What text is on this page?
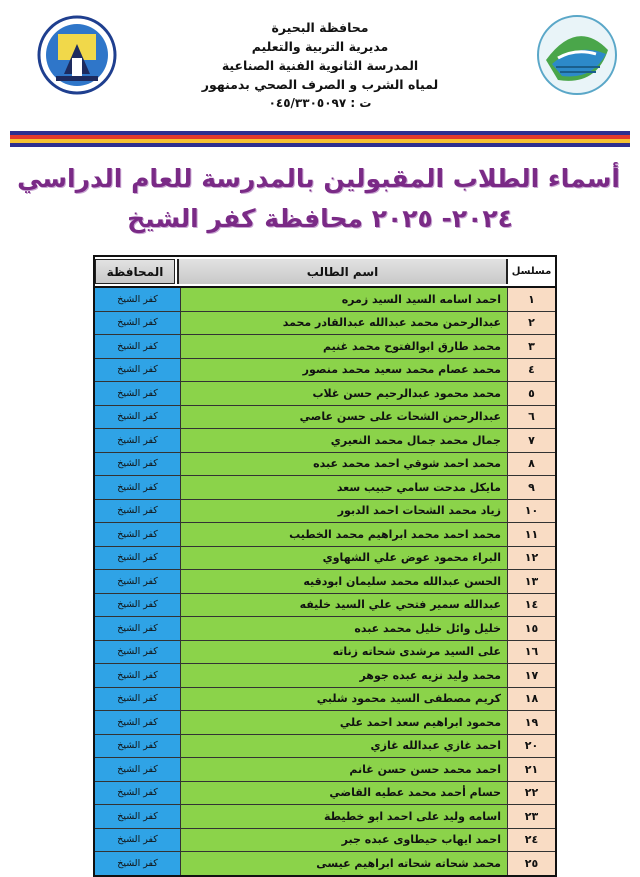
محافظة البحيرة
مديرية التربية والتعليم
المدرسة الثانوية الفنية الصناعية
لمياه الشرب و الصرف الصحي بدمنهور
ت : ٠٤٥/٣٣٠٥٠٩٧
أسماء الطلاب المقبولين بالمدرسة للعام الدراسي
٢٠٢٤- ٢٠٢٥ محافظة كفر الشيخ
مسلسل
اسم الطالب
المحافظة
١
احمد اسامه السيد السيد زمره
كفر الشيخ
٢
عبدالرحمن محمد عبدالله عبدالقادر محمد
كفر الشيخ
٣
محمد طارق ابوالفتوح محمد غنيم
كفر الشيخ
٤
محمد عصام محمد سعيد محمد منصور
كفر الشيخ
٥
محمد محمود عبدالرحيم حسن غلاب
كفر الشيخ
٦
عبدالرحمن الشحات على حسن عاصي
كفر الشيخ
٧
جمال محمد جمال محمد النعيري
كفر الشيخ
٨
محمد احمد شوقي احمد محمد عبده
كفر الشيخ
٩
مايكل مدحت سامي حبيب سعد
كفر الشيخ
١٠
زياد محمد الشحات احمد الدبور
كفر الشيخ
١١
محمد احمد محمد ابراهيم محمد الخطيب
كفر الشيخ
١٢
البراء محمود عوض علي الشهاوي
كفر الشيخ
١٣
الحسن عبدالله محمد سليمان ابودقيه
كفر الشيخ
١٤
عبدالله سمير فتحي علي السيد خليفه
كفر الشيخ
١٥
خليل وائل خليل محمد عبده
كفر الشيخ
١٦
على السيد مرشدى شحاته زناته
كفر الشيخ
١٧
محمد وليد نزيه عبده جوهر
كفر الشيخ
١٨
كريم مصطفى السيد محمود شلبي
كفر الشيخ
١٩
محمود ابراهيم سعد احمد علي
كفر الشيخ
٢٠
احمد غازي عبدالله غازي
كفر الشيخ
٢١
احمد محمد حسن حسن غانم
كفر الشيخ
٢٢
حسام أحمد محمد عطيه القاضي
كفر الشيخ
٢٣
اسامه وليد على احمد ابو خطيطة
كفر الشيخ
٢٤
احمد ايهاب حيطاوى عبده جبر
كفر الشيخ
٢٥
محمد شحاته شحاته ابراهيم عيسى
كفر الشيخ
